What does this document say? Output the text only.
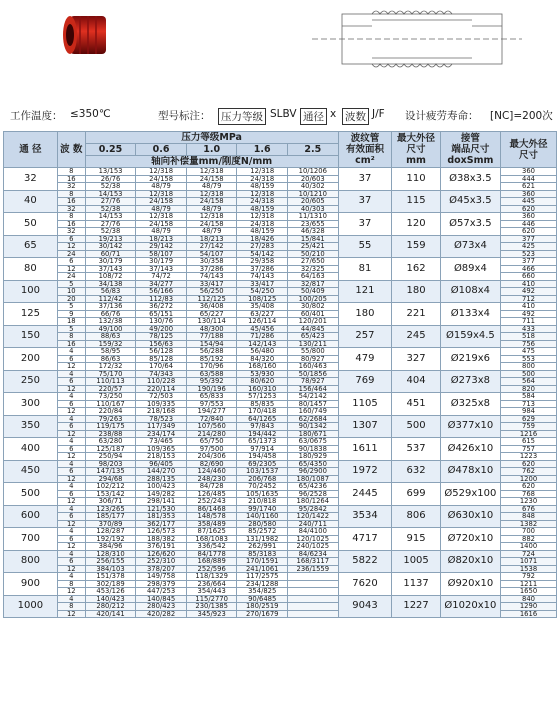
工作温度： ≤350℃	型号标注： 压力等级 SLBV 通径 x 波数 J/F 设计疲劳寿命： [NC]=200次
通 径	波 数	压力等级MPa					波纹管
有效面积
cm²	最大外径
尺寸
mm	接管
端品尺寸
doxSmm	最大外径
尺寸
		0.25	0.6	1.0	1.6	2.5				
		轴向补偿量mm/刚度N/mm								
32	8	13/153	12/318	12/318	12/318	10/1206	37	110	Ø38x3.5	360
	16	26/76	24/158	24/158	24/318	20/603				444
	32	52/38	48/79	48/79	48/159	40/302				621
40	8	14/153	12/318	12/318	12/318	10/1210	37	115	Ø45x3.5	360
	16	27/76	24/158	24/158	24/318	20/605				445
	32	52/38	48/79	48/79	48/159	40/303				620
50	8	14/153	12/318	12/318	12/318	11/1310	37	120	Ø57x3.5	360
	16	27/76	24/158	24/158	24/318	23/655				446
	32	52/38	48/79	48/79	48/159	46/328				620
65	6	19/213	18/213	18/213	18/426	15/841	55	159	Ø73x4	377
	12	30/142	29/142	27/142	27/283	25/421				425
	24	60/71	58/107	54/107	54/142	50/210				523
80	6	30/179	30/179	30/358	29/358	27/650	81	162	Ø89x4	377
	12	37/143	37/143	37/286	37/286	32/325				466
	24	108/72	74/72	74/143	74/143	64/163				660
100	5	34/138	34/277	33/417	33/417	32/817	121	180	Ø108x4	410
	10	56/83	56/166	56/250	54/250	50/409				492
	20	112/42	112/83	112/125	108/125	100/205				712
125	5	37/136	36/272	36/408	35/408	30/802	180	221	Ø133x4	410
	9	66/76	65/151	65/227	63/227	60/401				492
	18	132/38	130/76	130/114	126/114	120/201				711
150	5	49/100	49/200	48/300	45/456	44/845	257	245	Ø159x4.5	433
	8	88/63	78/125	77/188	71/286	65/423				518
	16	159/32	156/63	154/94	142/143	130/211				756
200	4	58/95	56/128	56/288	56/480	55/800	479	327	Ø219x6	475
	6	86/63	85/128	85/192	84/320	80/927				553
	12	172/32	170/64	170/96	168/160	160/463				800
250	4	75/170	74/343	63/588	53/930	50/1856	769	404	Ø273x8	500
	6	110/113	110/228	95/392	80/620	78/927				564
	12	220/57	220/114	190/196	160/310	156/464				820
300	4	73/250	72/503	65/833	57/1253	54/2142	1105	451	Ø325x8	584
	6	110/167	109/335	97/553	85/835	80/1457				713
	12	220/84	218/168	194/277	170/418	160/749				984
350	4	79/263	78/523	72/840	64/1265	62/2684	1307	500	Ø377x10	629
	6	119/175	117/349	107/560	97/843	90/1342				759
	12	238/88	234/174	214/280	194/442	180/671				1216
400	4	63/280	73/465	65/750	65/1373	63/0675	1611	537	Ø426x10	615
	6	125/187	109/365	97/500	97/914	90/1838				757
	12	250/94	218/153	204/306	194/458	180/929				1223
450	4	98/203	96/405	82/690	69/2305	65/4350	1972	632	Ø478x10	620
	6	147/135	144/270	124/460	103/1537	96/2900				762
	12	294/68	288/135	248/230	206/768	180/1087				1200
500	4	102/212	100/423	84/728	70/2452	65/4236	2445	699	Ø529x100	620
	6	153/142	149/282	126/485	105/1635	96/2528				768
	12	306/71	298/141	252/243	210/818	180/1264				1230
600	4	123/265	121/530	86/1468	99/1740	95/2842	3534	806	Ø630x10	676
	6	185/177	181/353	148/578	140/1160	120/1422				848
	12	370/89	362/177	358/489	280/580	240/711				1382
700	4	128/287	126/573	87/1625	85/2572	84/4100	4717	915	Ø720x10	700
	6	192/192	188/382	168/1083	131/1982	120/1025				882
	12	384/96	376/191	336/542	262/991	240/1025				1400
800	4	128/310	126/620	84/1778	85/3183	84/6234	5822	1005	Ø820x10	724
	6	256/155	252/310	168/889	170/1591	168/3117				1071
	12	384/103	378/207	252/596	241/1061	236/1559				1538
900	4	151/378	149/758	118/1329	117/2575		7620	1137	Ø920x10	792
	8	302/189	298/379	236/664	234/1288					1211
	12	453/126	447/253	354/443	354/825					1650
1000	4	140/423	140/845	115/2770	90/6485		9043	1227	Ø1020x10	840
	8	280/212	280/423	230/1385	180/2519					1290
	12	420/141	420/282	345/923	270/1679					1616
